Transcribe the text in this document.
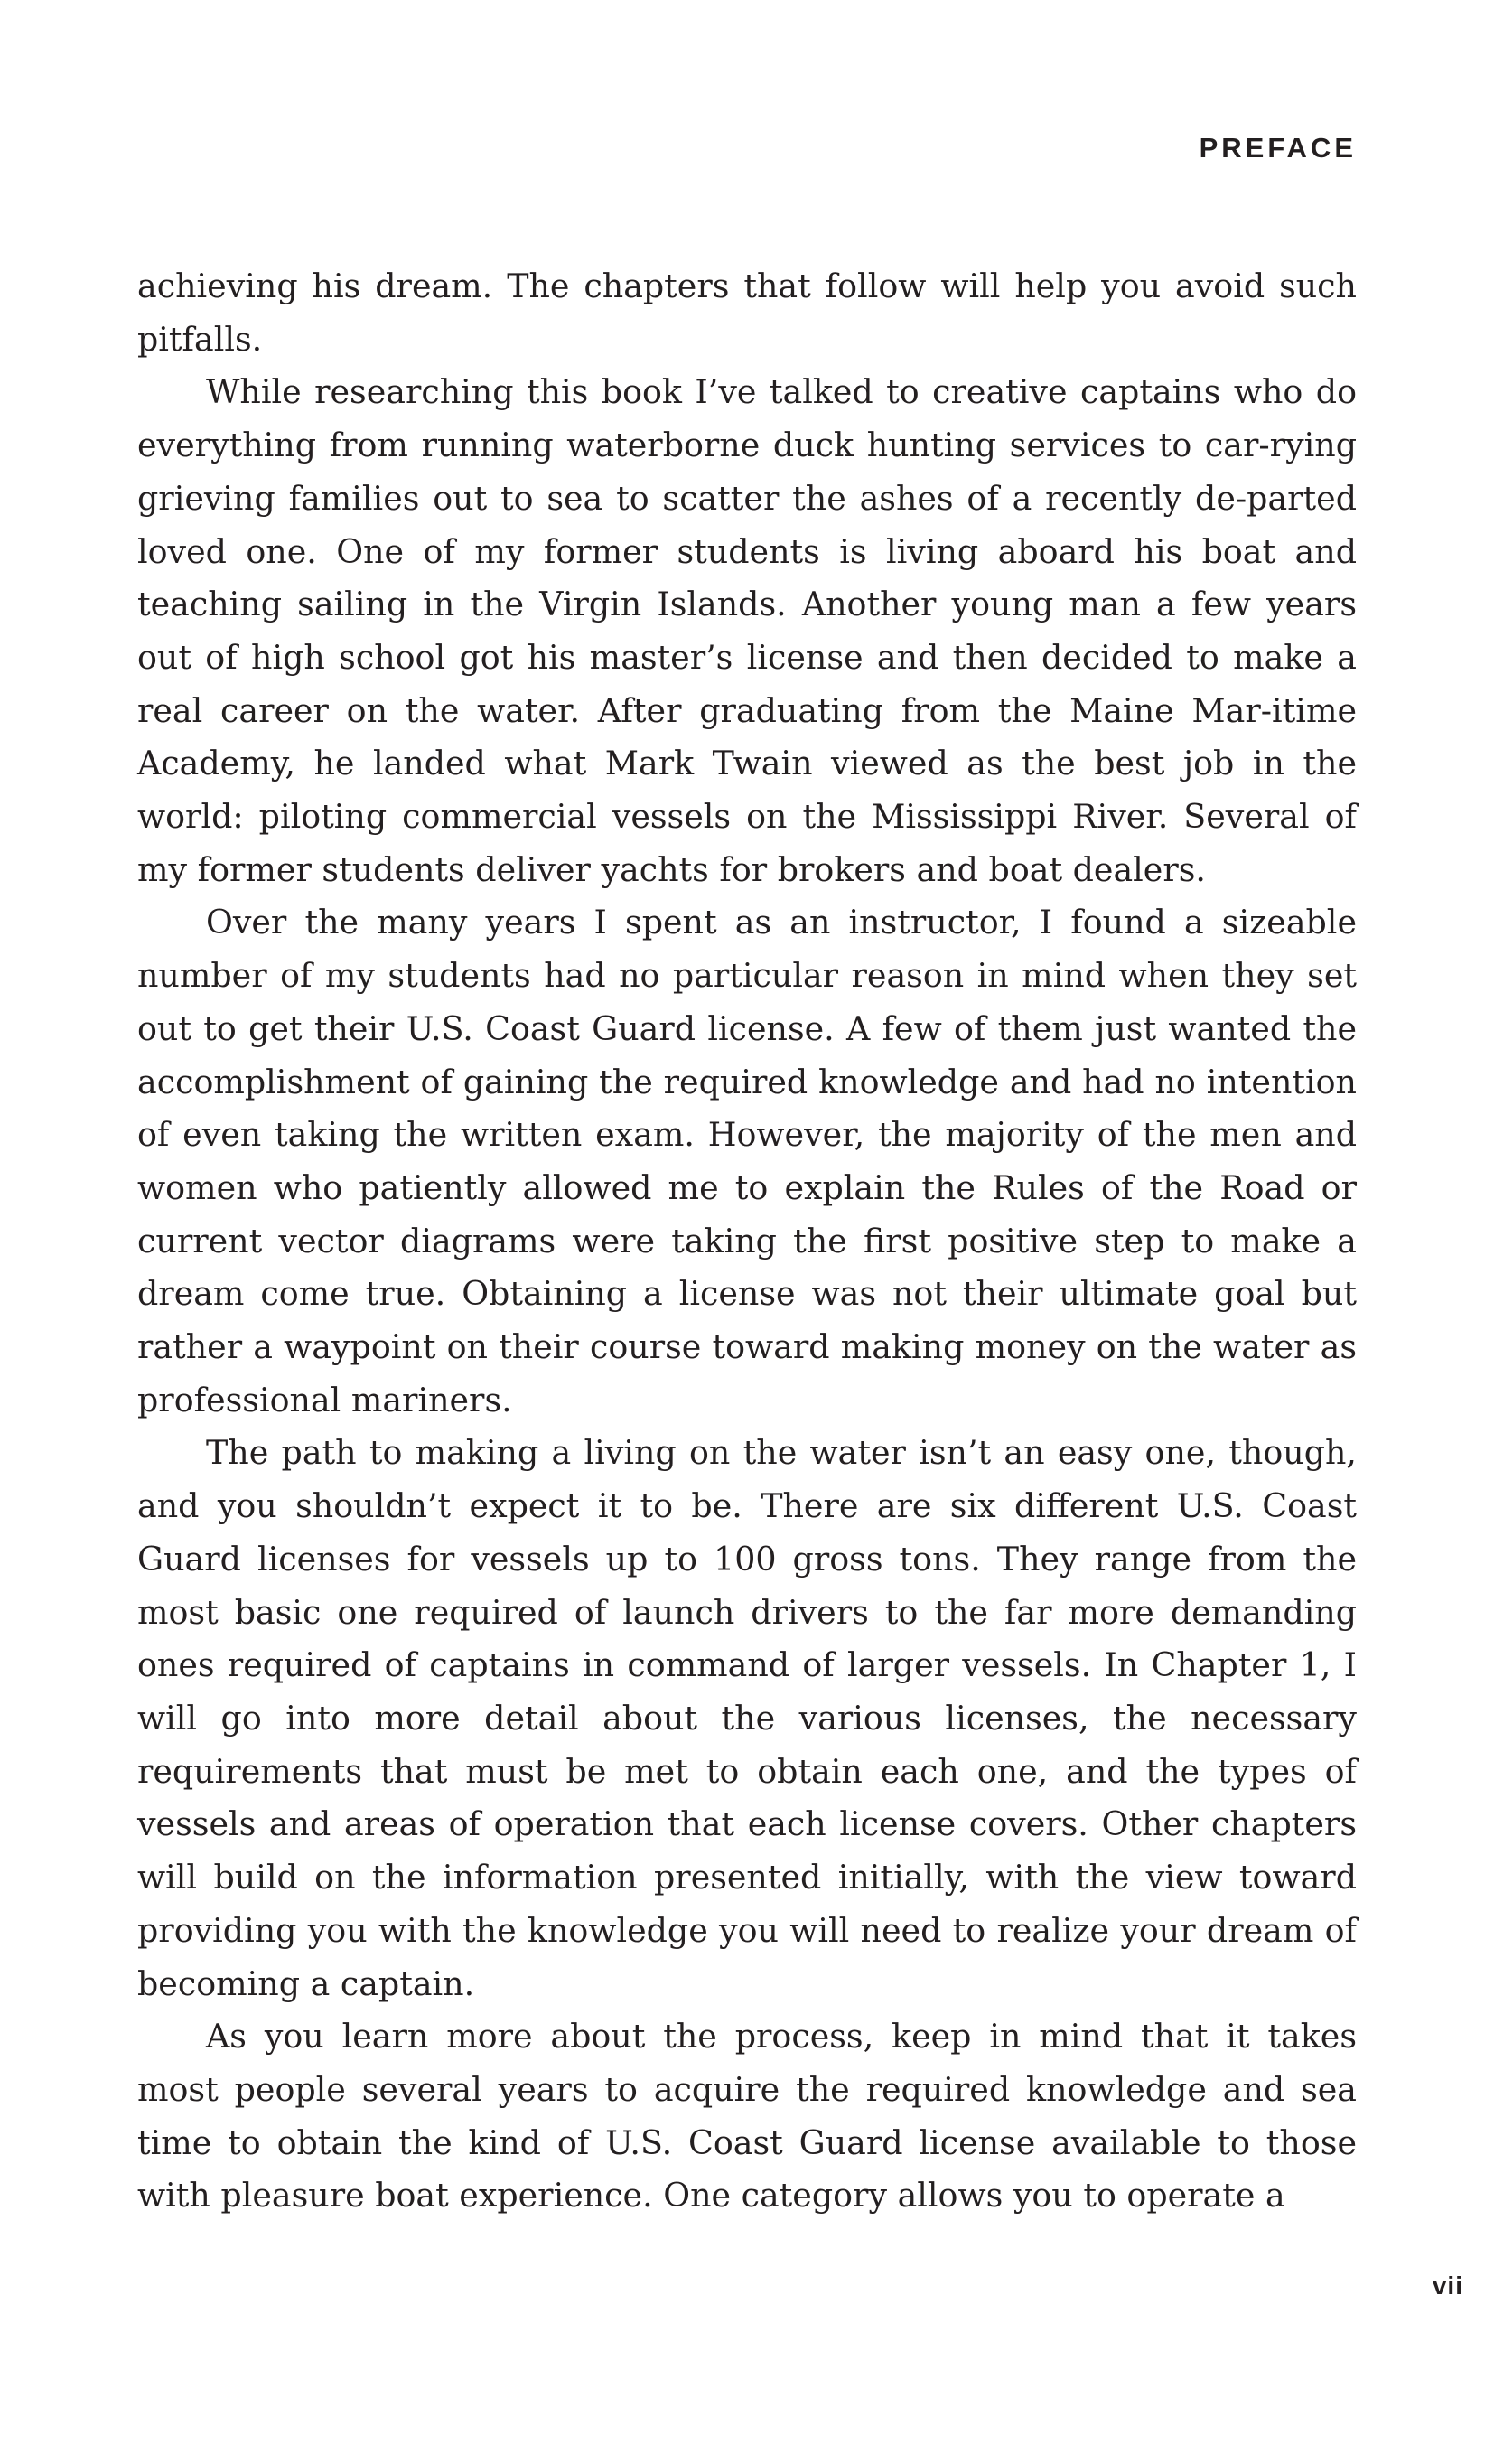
PREFACE

achieving his dream. The chapters that follow will help you avoid such pitfalls.

While researching this book I’ve talked to creative captains who do everything from running waterborne duck hunting services to car-rying grieving families out to sea to scatter the ashes of a recently de-parted loved one. One of my former students is living aboard his boat and teaching sailing in the Virgin Islands. Another young man a few years out of high school got his master’s license and then decided to make a real career on the water. After graduating from the Maine Mar-itime Academy, he landed what Mark Twain viewed as the best job in the world: piloting commercial vessels on the Mississippi River. Several of my former students deliver yachts for brokers and boat dealers.

Over the many years I spent as an instructor, I found a sizeable number of my students had no particular reason in mind when they set out to get their U.S. Coast Guard license. A few of them just wanted the accomplishment of gaining the required knowledge and had no intention of even taking the written exam. However, the majority of the men and women who patiently allowed me to explain the Rules of the Road or current vector diagrams were taking the first positive step to make a dream come true. Obtaining a license was not their ultimate goal but rather a waypoint on their course toward making money on the water as professional mariners.

The path to making a living on the water isn’t an easy one, though, and you shouldn’t expect it to be. There are six different U.S. Coast Guard licenses for vessels up to 100 gross tons. They range from the most basic one required of launch drivers to the far more demanding ones required of captains in command of larger vessels. In Chapter 1, I will go into more detail about the various licenses, the necessary requirements that must be met to obtain each one, and the types of vessels and areas of operation that each license covers. Other chapters will build on the information presented initially, with the view toward providing you with the knowledge you will need to realize your dream of becoming a captain.

As you learn more about the process, keep in mind that it takes most people several years to acquire the required knowledge and sea time to obtain the kind of U.S. Coast Guard license available to those with pleasure boat experience. One category allows you to operate a

vii
